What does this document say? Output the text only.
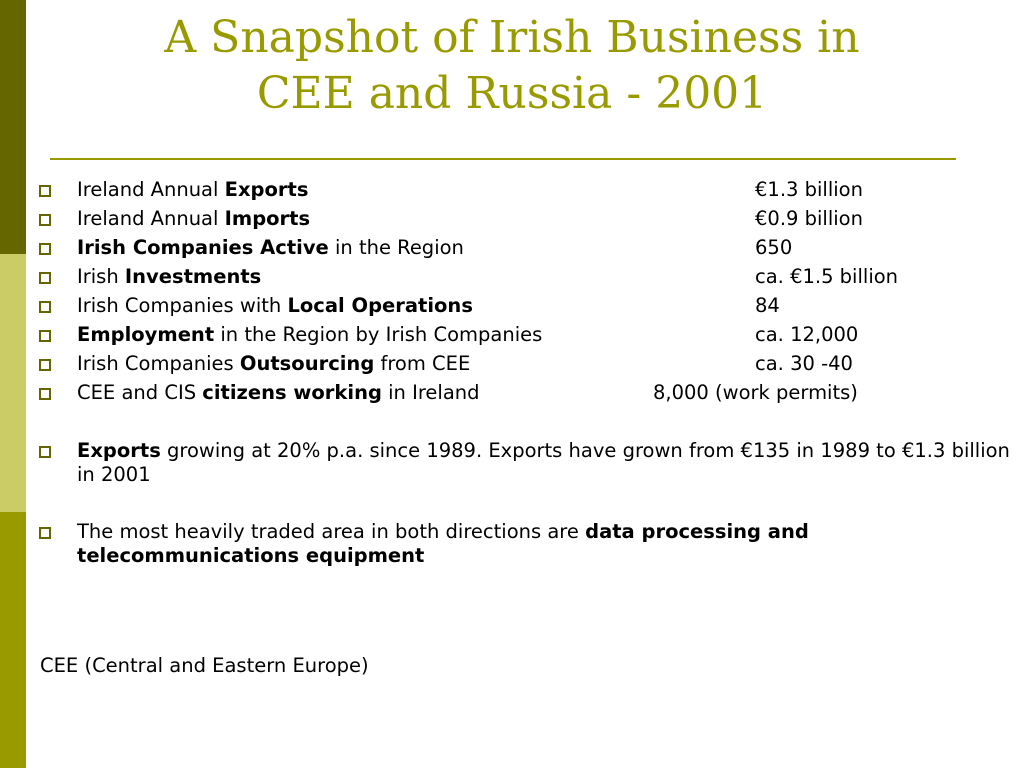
A Snapshot of Irish Business in
CEE and Russia - 2001
Ireland Annual Exports	€1.3 billion
Ireland Annual Imports	€0.9 billion
Irish Companies Active in the Region	650
Irish Investments	ca. €1.5 billion
Irish Companies with Local Operations	84
Employment in the Region by Irish Companies	ca. 12,000
Irish Companies Outsourcing from CEE	ca. 30 -40
CEE and CIS citizens working in Ireland	8,000 (work permits)
Exports growing at 20% p.a. since 1989. Exports have grown from €135 in 1989 to €1.3 billion in 2001
The most heavily traded area in both directions are data processing and telecommunications equipment
CEE (Central and Eastern Europe)
